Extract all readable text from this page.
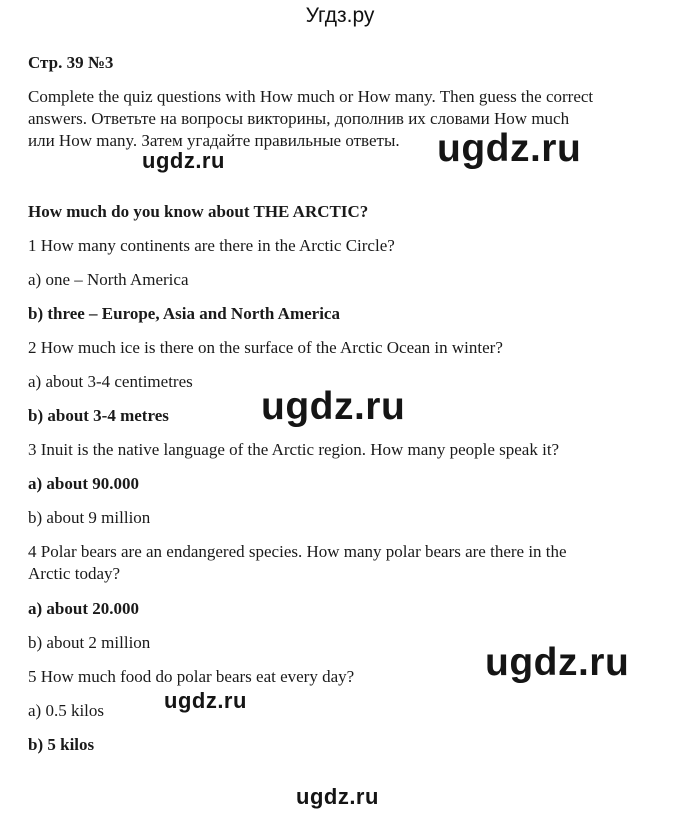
Угдз.ру
Стр. 39 №3
Complete the quiz questions with How much or How many. Then guess the correct
answers. Ответьте на вопросы викторины, дополнив их словами How much
или How many. Затем угадайте правильные ответы.
How much do you know about THE ARCTIC?
1 How many continents are there in the Arctic Circle?
a) one – North America
b) three – Europe, Asia and North America
2 How much ice is there on the surface of the Arctic Ocean in winter?
a) about 3-4 centimetres
b) about 3-4 metres
3 Inuit is the native language of the Arctic region. How many people speak it?
a) about 90.000
b) about 9 million
4 Polar bears are an endangered species. How many polar bears are there in the
Arctic today?
a) about 20.000
b) about 2 million
5 How much food do polar bears eat every day?
a) 0.5 kilos
b) 5 kilos
ugdz.ru
ugdz.ru
ugdz.ru
ugdz.ru
ugdz.ru
ugdz.ru
